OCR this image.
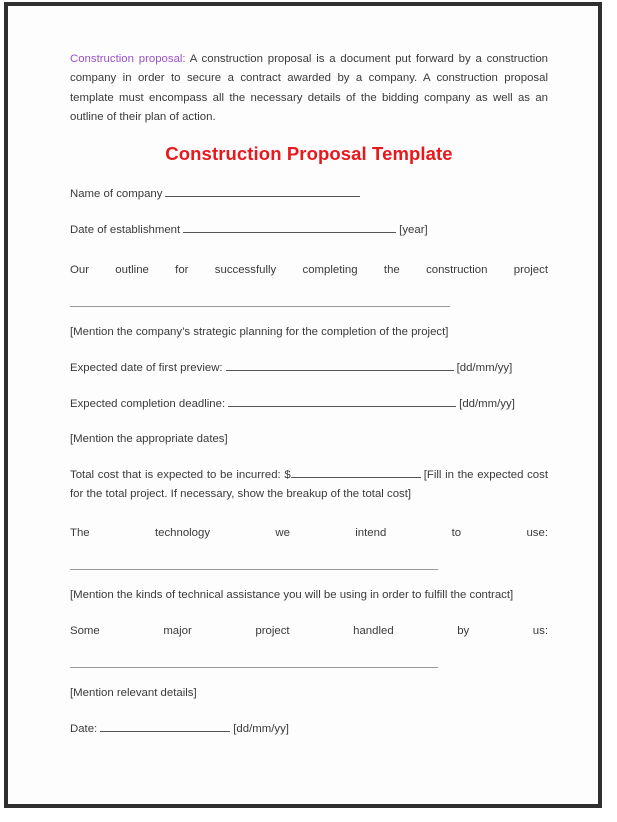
Construction proposal: A construction proposal is a document put forward by a construction company in order to secure a contract awarded by a company. A construction proposal template must encompass all the necessary details of the bidding company as well as an outline of their plan of action.

Construction Proposal Template
Name of company
Date of establishment	[year]
Our outline for successfully completing the construction project
[Mention the company’s strategic planning for the completion of the project]
Expected date of first preview:	[dd/mm/yy]
Expected completion deadline:	[dd/mm/yy]
[Mention the appropriate dates]
Total cost that is expected to be incurred: $	[Fill in the expected cost for the total project. If necessary, show the breakup of the total cost]
The technology we intend to use:
[Mention the kinds of technical assistance you will be using in order to fulfill the contract]
Some major project handled by us:
[Mention relevant details]
Date:	[dd/mm/yy]
